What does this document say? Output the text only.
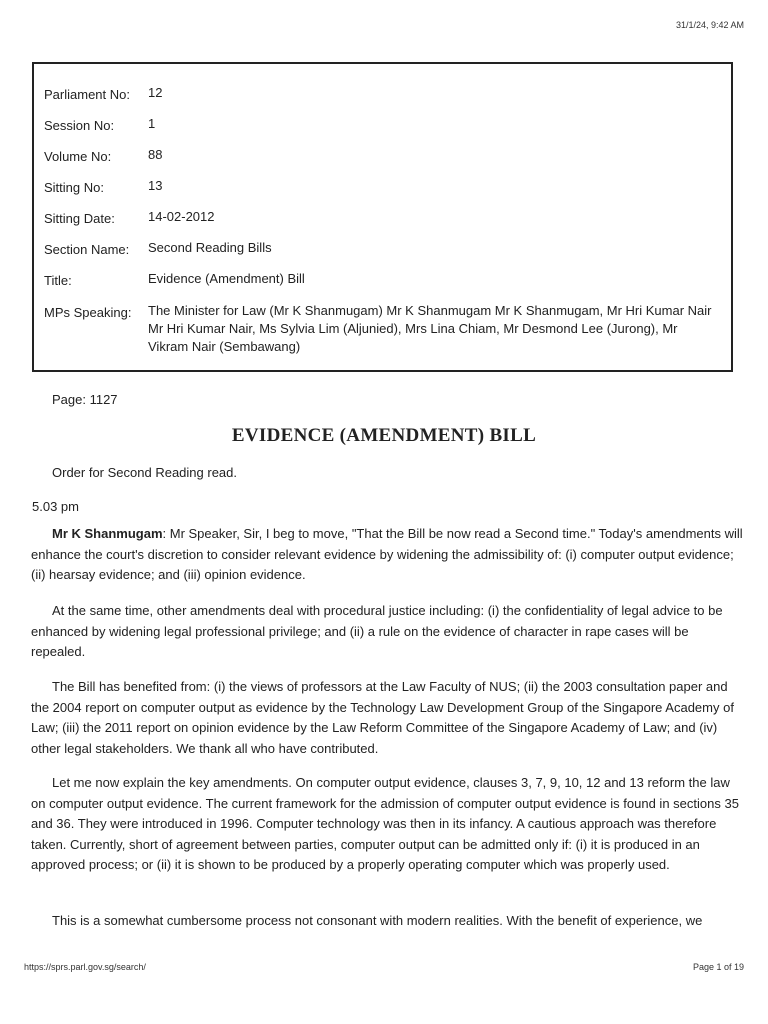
31/1/24, 9:42 AM
Parliament No:	12
Session No:	1
Volume No:	88
Sitting No:	13
Sitting Date:	14-02-2012
Section Name:	Second Reading Bills
Title:	Evidence (Amendment) Bill
MPs Speaking:	The Minister for Law (Mr K Shanmugam) Mr K Shanmugam Mr K Shanmugam, Mr Hri Kumar Nair Mr Hri Kumar Nair, Ms Sylvia Lim (Aljunied), Mrs Lina Chiam, Mr Desmond Lee (Jurong), Mr Vikram Nair (Sembawang)
Page: 1127
EVIDENCE (AMENDMENT) BILL
Order for Second Reading read.
5.03 pm

Mr K Shanmugam: Mr Speaker, Sir, I beg to move, "That the Bill be now read a Second time." Today's amendments will enhance the court's discretion to consider relevant evidence by widening the admissibility of: (i) computer output evidence; (ii) hearsay evidence; and (iii) opinion evidence.

At the same time, other amendments deal with procedural justice including: (i) the confidentiality of legal advice to be enhanced by widening legal professional privilege; and (ii) a rule on the evidence of character in rape cases will be repealed.

The Bill has benefited from: (i) the views of professors at the Law Faculty of NUS; (ii) the 2003 consultation paper and the 2004 report on computer output as evidence by the Technology Law Development Group of the Singapore Academy of Law; (iii) the 2011 report on opinion evidence by the Law Reform Committee of the Singapore Academy of Law; and (iv) other legal stakeholders. We thank all who have contributed.

Let me now explain the key amendments. On computer output evidence, clauses 3, 7, 9, 10, 12 and 13 reform the law on computer output evidence. The current framework for the admission of computer output evidence is found in sections 35 and 36. They were introduced in 1996. Computer technology was then in its infancy. A cautious approach was therefore taken. Currently, short of agreement between parties, computer output can be admitted only if: (i) it is produced in an approved process; or (ii) it is shown to be produced by a properly operating computer which was properly used.

This is a somewhat cumbersome process not consonant with modern realities. With the benefit of experience, we

https://sprs.parl.gov.sg/search/	Page 1 of 19
